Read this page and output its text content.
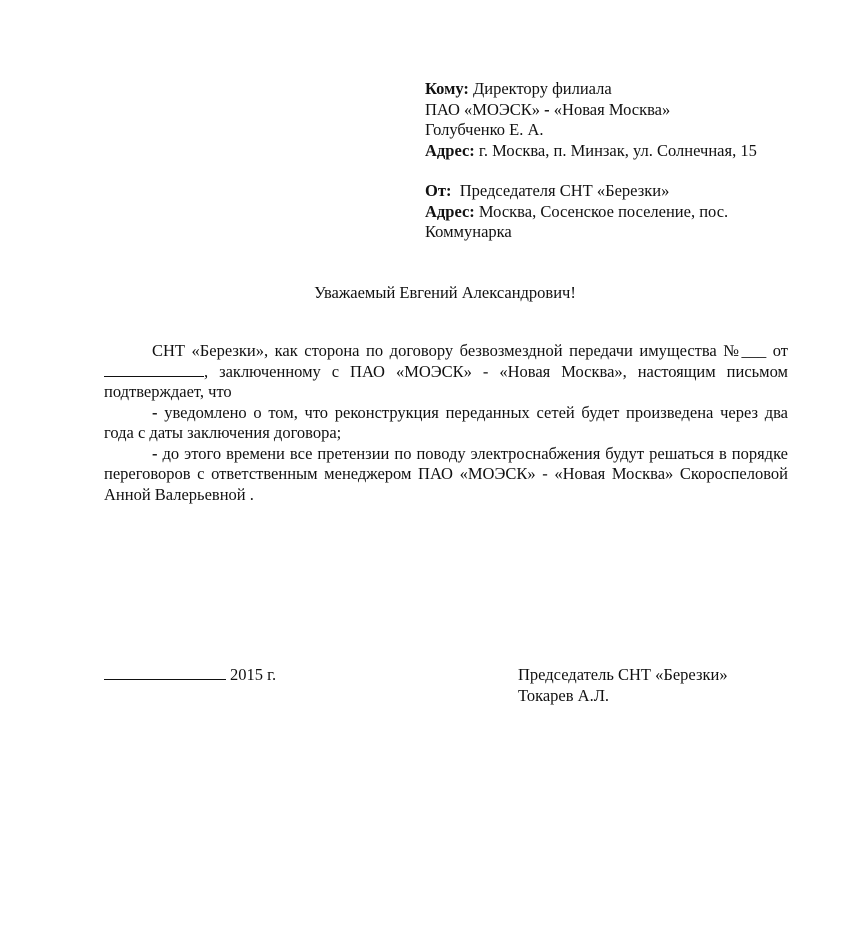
Кому: Директору филиала
ПАО «МОЭСК» - «Новая Москва»
Голубченко Е. А.
Адрес: г. Москва, п. Минзак, ул. Солнечная, 15
От: Председателя СНТ «Березки»
Адрес: Москва, Сосенское поселение, пос.
Коммунарка
Уважаемый Евгений Александрович!

СНТ «Березки», как сторона по договору безвозмездной передачи имущества №___ от , заключенному с ПАО «МОЭСК» - «Новая Москва», настоящим письмом подтверждает, что

- уведомлено о том, что реконструкция переданных сетей будет произведена через два года с даты заключения договора;

- до этого времени все претензии по поводу электроснабжения будут решаться в порядке переговоров с ответственным менеджером ПАО «МОЭСК» - «Новая Москва» Скороспеловой Анной Валерьевной .

2015 г.	Председатель СНТ «Березки»
Токарев А.Л.
